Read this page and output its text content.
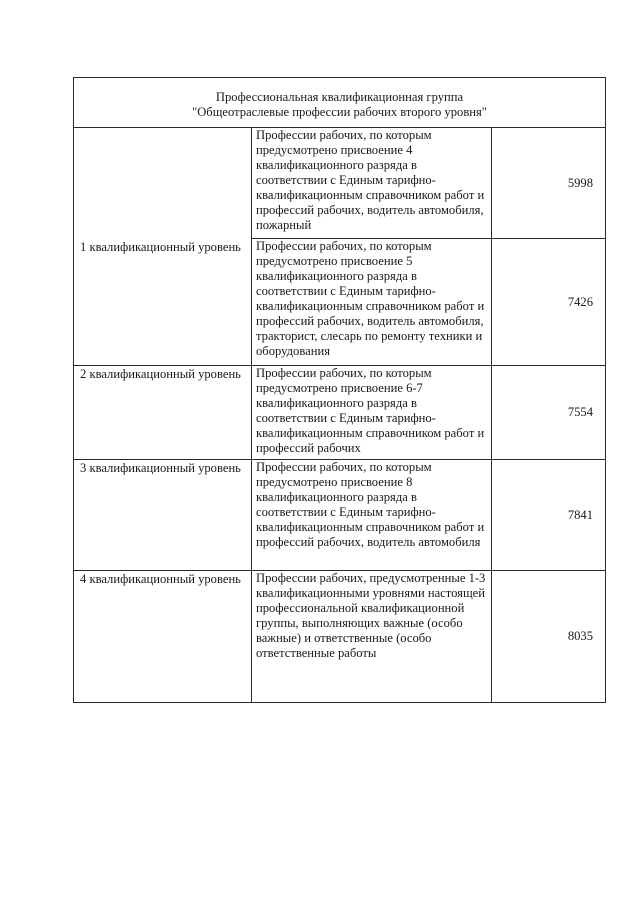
Профессиональная квалификационная группа
"Общеотраслевые профессии рабочих второго уровня"		

1 квалификационный уровень	Профессии рабочих, по которым предусмотрено присвоение 4 квалификационного разряда в соответствии с Единым тарифно-квалификационным справочником работ и профессий рабочих, водитель автомобиля, пожарный	5998
	Профессии рабочих, по которым предусмотрено присвоение 5 квалификационного разряда в соответствии с Единым тарифно-квалификационным справочником работ и профессий рабочих, водитель автомобиля, тракторист, слесарь по ремонту техники и оборудования	7426
2 квалификационный уровень	Профессии рабочих, по которым предусмотрено присвоение 6-7 квалификационного разряда в соответствии с Единым тарифно-квалификационным справочником работ и профессий рабочих	7554
3 квалификационный уровень	Профессии рабочих, по которым предусмотрено присвоение 8 квалификационного разряда в соответствии с Единым тарифно-квалификационным справочником работ и профессий рабочих, водитель автомобиля	7841
4 квалификационный уровень	Профессии рабочих, предусмотренные 1-3 квалификационными уровнями настоящей профессиональной квалификационной группы, выполняющих важные (особо важные) и ответственные (особо ответственные работы	8035
